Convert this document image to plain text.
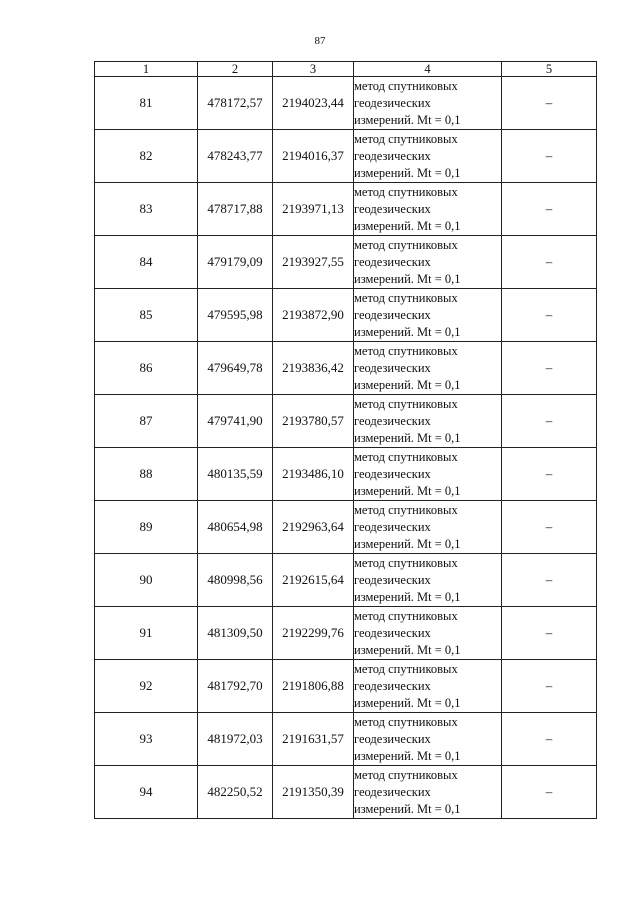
87
1	2	3	4	5
81	478172,57	2194023,44	метод спутниковых
геодезических
измерений. Mt = 0,1	–
82	478243,77	2194016,37	метод спутниковых
геодезических
измерений. Mt = 0,1	–
83	478717,88	2193971,13	метод спутниковых
геодезических
измерений. Mt = 0,1	–
84	479179,09	2193927,55	метод спутниковых
геодезических
измерений. Mt = 0,1	–
85	479595,98	2193872,90	метод спутниковых
геодезических
измерений. Mt = 0,1	–
86	479649,78	2193836,42	метод спутниковых
геодезических
измерений. Mt = 0,1	–
87	479741,90	2193780,57	метод спутниковых
геодезических
измерений. Mt = 0,1	–
88	480135,59	2193486,10	метод спутниковых
геодезических
измерений. Mt = 0,1	–
89	480654,98	2192963,64	метод спутниковых
геодезических
измерений. Mt = 0,1	–
90	480998,56	2192615,64	метод спутниковых
геодезических
измерений. Mt = 0,1	–
91	481309,50	2192299,76	метод спутниковых
геодезических
измерений. Mt = 0,1	–
92	481792,70	2191806,88	метод спутниковых
геодезических
измерений. Mt = 0,1	–
93	481972,03	2191631,57	метод спутниковых
геодезических
измерений. Mt = 0,1	–
94	482250,52	2191350,39	метод спутниковых
геодезических
измерений. Mt = 0,1	–
